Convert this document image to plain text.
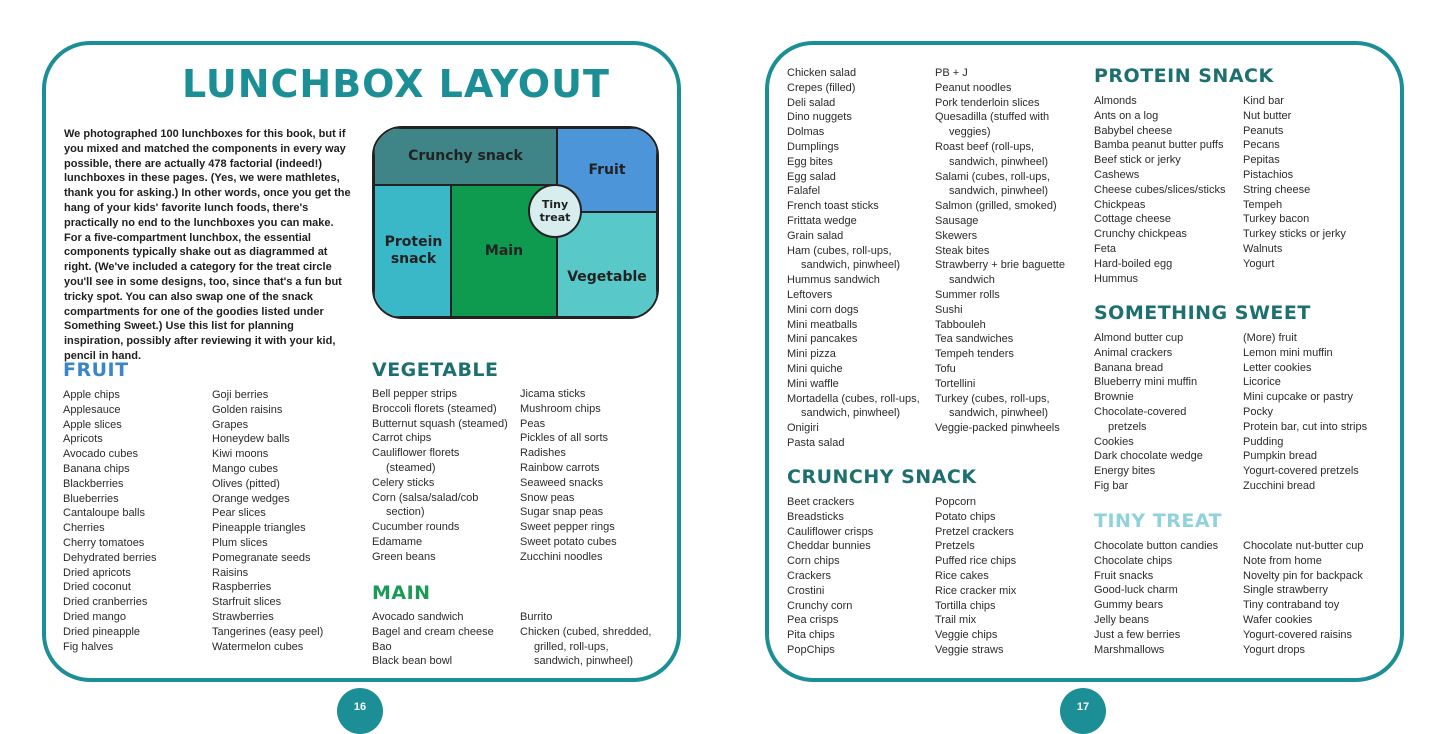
LUNCHBOX LAYOUT
We photographed 100 lunchboxes for this book, but if you mixed and matched the components in every way possible, there are actually 478 factorial (indeed!) lunchboxes in these pages. (Yes, we were mathletes, thank you for asking.) In other words, once you get the hang of your kids' favorite lunch foods, there's practically no end to the lunchboxes you can make. For a five-compartment lunchbox, the essential components typically shake out as diagrammed at right. (We've included a category for the treat circle you'll see in some designs, too, since that's a fun but tricky spot. You can also swap one of the snack compartments for one of the goodies listed under Something Sweet.) Use this list for planning inspiration, possibly after reviewing it with your kid, pencil in hand.
Crunchy snack
Fruit
Protein snack
Main
Vegetable
Tiny treat
FRUIT
Apple chips
Applesauce
Apple slices
Apricots
Avocado cubes
Banana chips
Blackberries
Blueberries
Cantaloupe balls
Cherries
Cherry tomatoes
Dehydrated berries
Dried apricots
Dried coconut
Dried cranberries
Dried mango
Dried pineapple
Fig halves
Goji berries
Golden raisins
Grapes
Honeydew balls
Kiwi moons
Mango cubes
Olives (pitted)
Orange wedges
Pear slices
Pineapple triangles
Plum slices
Pomegranate seeds
Raisins
Raspberries
Starfruit slices
Strawberries
Tangerines (easy peel)
Watermelon cubes
VEGETABLE
Bell pepper strips
Broccoli florets (steamed)
Butternut squash (steamed)
Carrot chips
Cauliflower florets
(steamed)
Celery sticks
Corn (salsa/salad/cob
section)
Cucumber rounds
Edamame
Green beans
Jicama sticks
Mushroom chips
Peas
Pickles of all sorts
Radishes
Rainbow carrots
Seaweed snacks
Snow peas
Sugar snap peas
Sweet pepper rings
Sweet potato cubes
Zucchini noodles
MAIN
Avocado sandwich
Bagel and cream cheese
Bao
Black bean bowl
Burrito
Chicken (cubed, shredded,
grilled, roll-ups,
sandwich, pinwheel)
16
Chicken salad
Crepes (filled)
Deli salad
Dino nuggets
Dolmas
Dumplings
Egg bites
Egg salad
Falafel
French toast sticks
Frittata wedge
Grain salad
Ham (cubes, roll-ups,
sandwich, pinwheel)
Hummus sandwich
Leftovers
Mini corn dogs
Mini meatballs
Mini pancakes
Mini pizza
Mini quiche
Mini waffle
Mortadella (cubes, roll-ups,
sandwich, pinwheel)
Onigiri
Pasta salad
PB + J
Peanut noodles
Pork tenderloin slices
Quesadilla (stuffed with
veggies)
Roast beef (roll-ups,
sandwich, pinwheel)
Salami (cubes, roll-ups,
sandwich, pinwheel)
Salmon (grilled, smoked)
Sausage
Skewers
Steak bites
Strawberry + brie baguette
sandwich
Summer rolls
Sushi
Tabbouleh
Tea sandwiches
Tempeh tenders
Tofu
Tortellini
Turkey (cubes, roll-ups,
sandwich, pinwheel)
Veggie-packed pinwheels
CRUNCHY SNACK
Beet crackers
Breadsticks
Cauliflower crisps
Cheddar bunnies
Corn chips
Crackers
Crostini
Crunchy corn
Pea crisps
Pita chips
PopChips
Popcorn
Potato chips
Pretzel crackers
Pretzels
Puffed rice chips
Rice cakes
Rice cracker mix
Tortilla chips
Trail mix
Veggie chips
Veggie straws
PROTEIN SNACK
Almonds
Ants on a log
Babybel cheese
Bamba peanut butter puffs
Beef stick or jerky
Cashews
Cheese cubes/slices/sticks
Chickpeas
Cottage cheese
Crunchy chickpeas
Feta
Hard-boiled egg
Hummus
Kind bar
Nut butter
Peanuts
Pecans
Pepitas
Pistachios
String cheese
Tempeh
Turkey bacon
Turkey sticks or jerky
Walnuts
Yogurt
SOMETHING SWEET
Almond butter cup
Animal crackers
Banana bread
Blueberry mini muffin
Brownie
Chocolate-covered
pretzels
Cookies
Dark chocolate wedge
Energy bites
Fig bar
(More) fruit
Lemon mini muffin
Letter cookies
Licorice
Mini cupcake or pastry
Pocky
Protein bar, cut into strips
Pudding
Pumpkin bread
Yogurt-covered pretzels
Zucchini bread
TINY TREAT
Chocolate button candies
Chocolate chips
Fruit snacks
Good-luck charm
Gummy bears
Jelly beans
Just a few berries
Marshmallows
Chocolate nut-butter cup
Note from home
Novelty pin for backpack
Single strawberry
Tiny contraband toy
Wafer cookies
Yogurt-covered raisins
Yogurt drops
17
